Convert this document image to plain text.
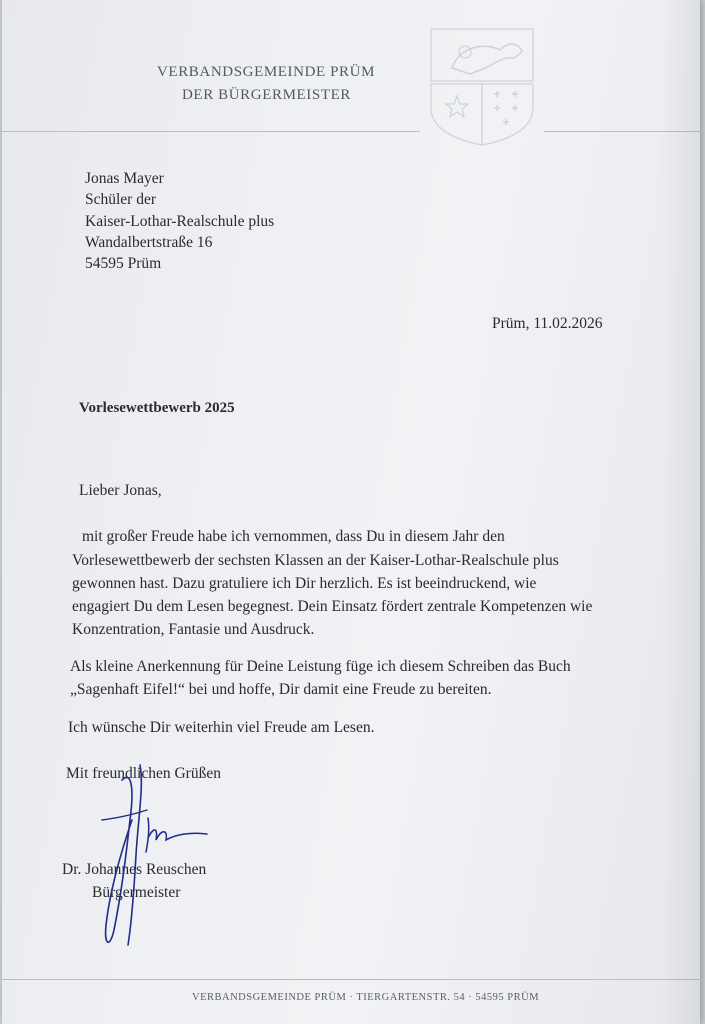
VERBANDSGEMEINDE PRÜM
DER BÜRGERMEISTER
Jonas Mayer
Schüler der
Kaiser-Lothar-Realschule plus
Wandalbertstraße 16
54595 Prüm
Prüm, 11.02.2026
Vorlesewettbewerb 2025
Lieber Jonas,
mit großer Freude habe ich vernommen, dass Du in diesem Jahr den
Vorlesewettbewerb der sechsten Klassen an der Kaiser-Lothar-Realschule plus
gewonnen hast. Dazu gratuliere ich Dir herzlich. Es ist beeindruckend, wie
engagiert Du dem Lesen begegnest. Dein Einsatz fördert zentrale Kompetenzen wie
Konzentration, Fantasie und Ausdruck.
Als kleine Anerkennung für Deine Leistung füge ich diesem Schreiben das Buch
„Sagenhaft Eifel!“ bei und hoffe, Dir damit eine Freude zu bereiten.
Ich wünsche Dir weiterhin viel Freude am Lesen.
Mit freundlichen Grüßen
Dr. Johannes Reuschen
Bürgermeister
VERBANDSGEMEINDE PRÜM · TIERGARTENSTR. 54 · 54595 PRÜM
